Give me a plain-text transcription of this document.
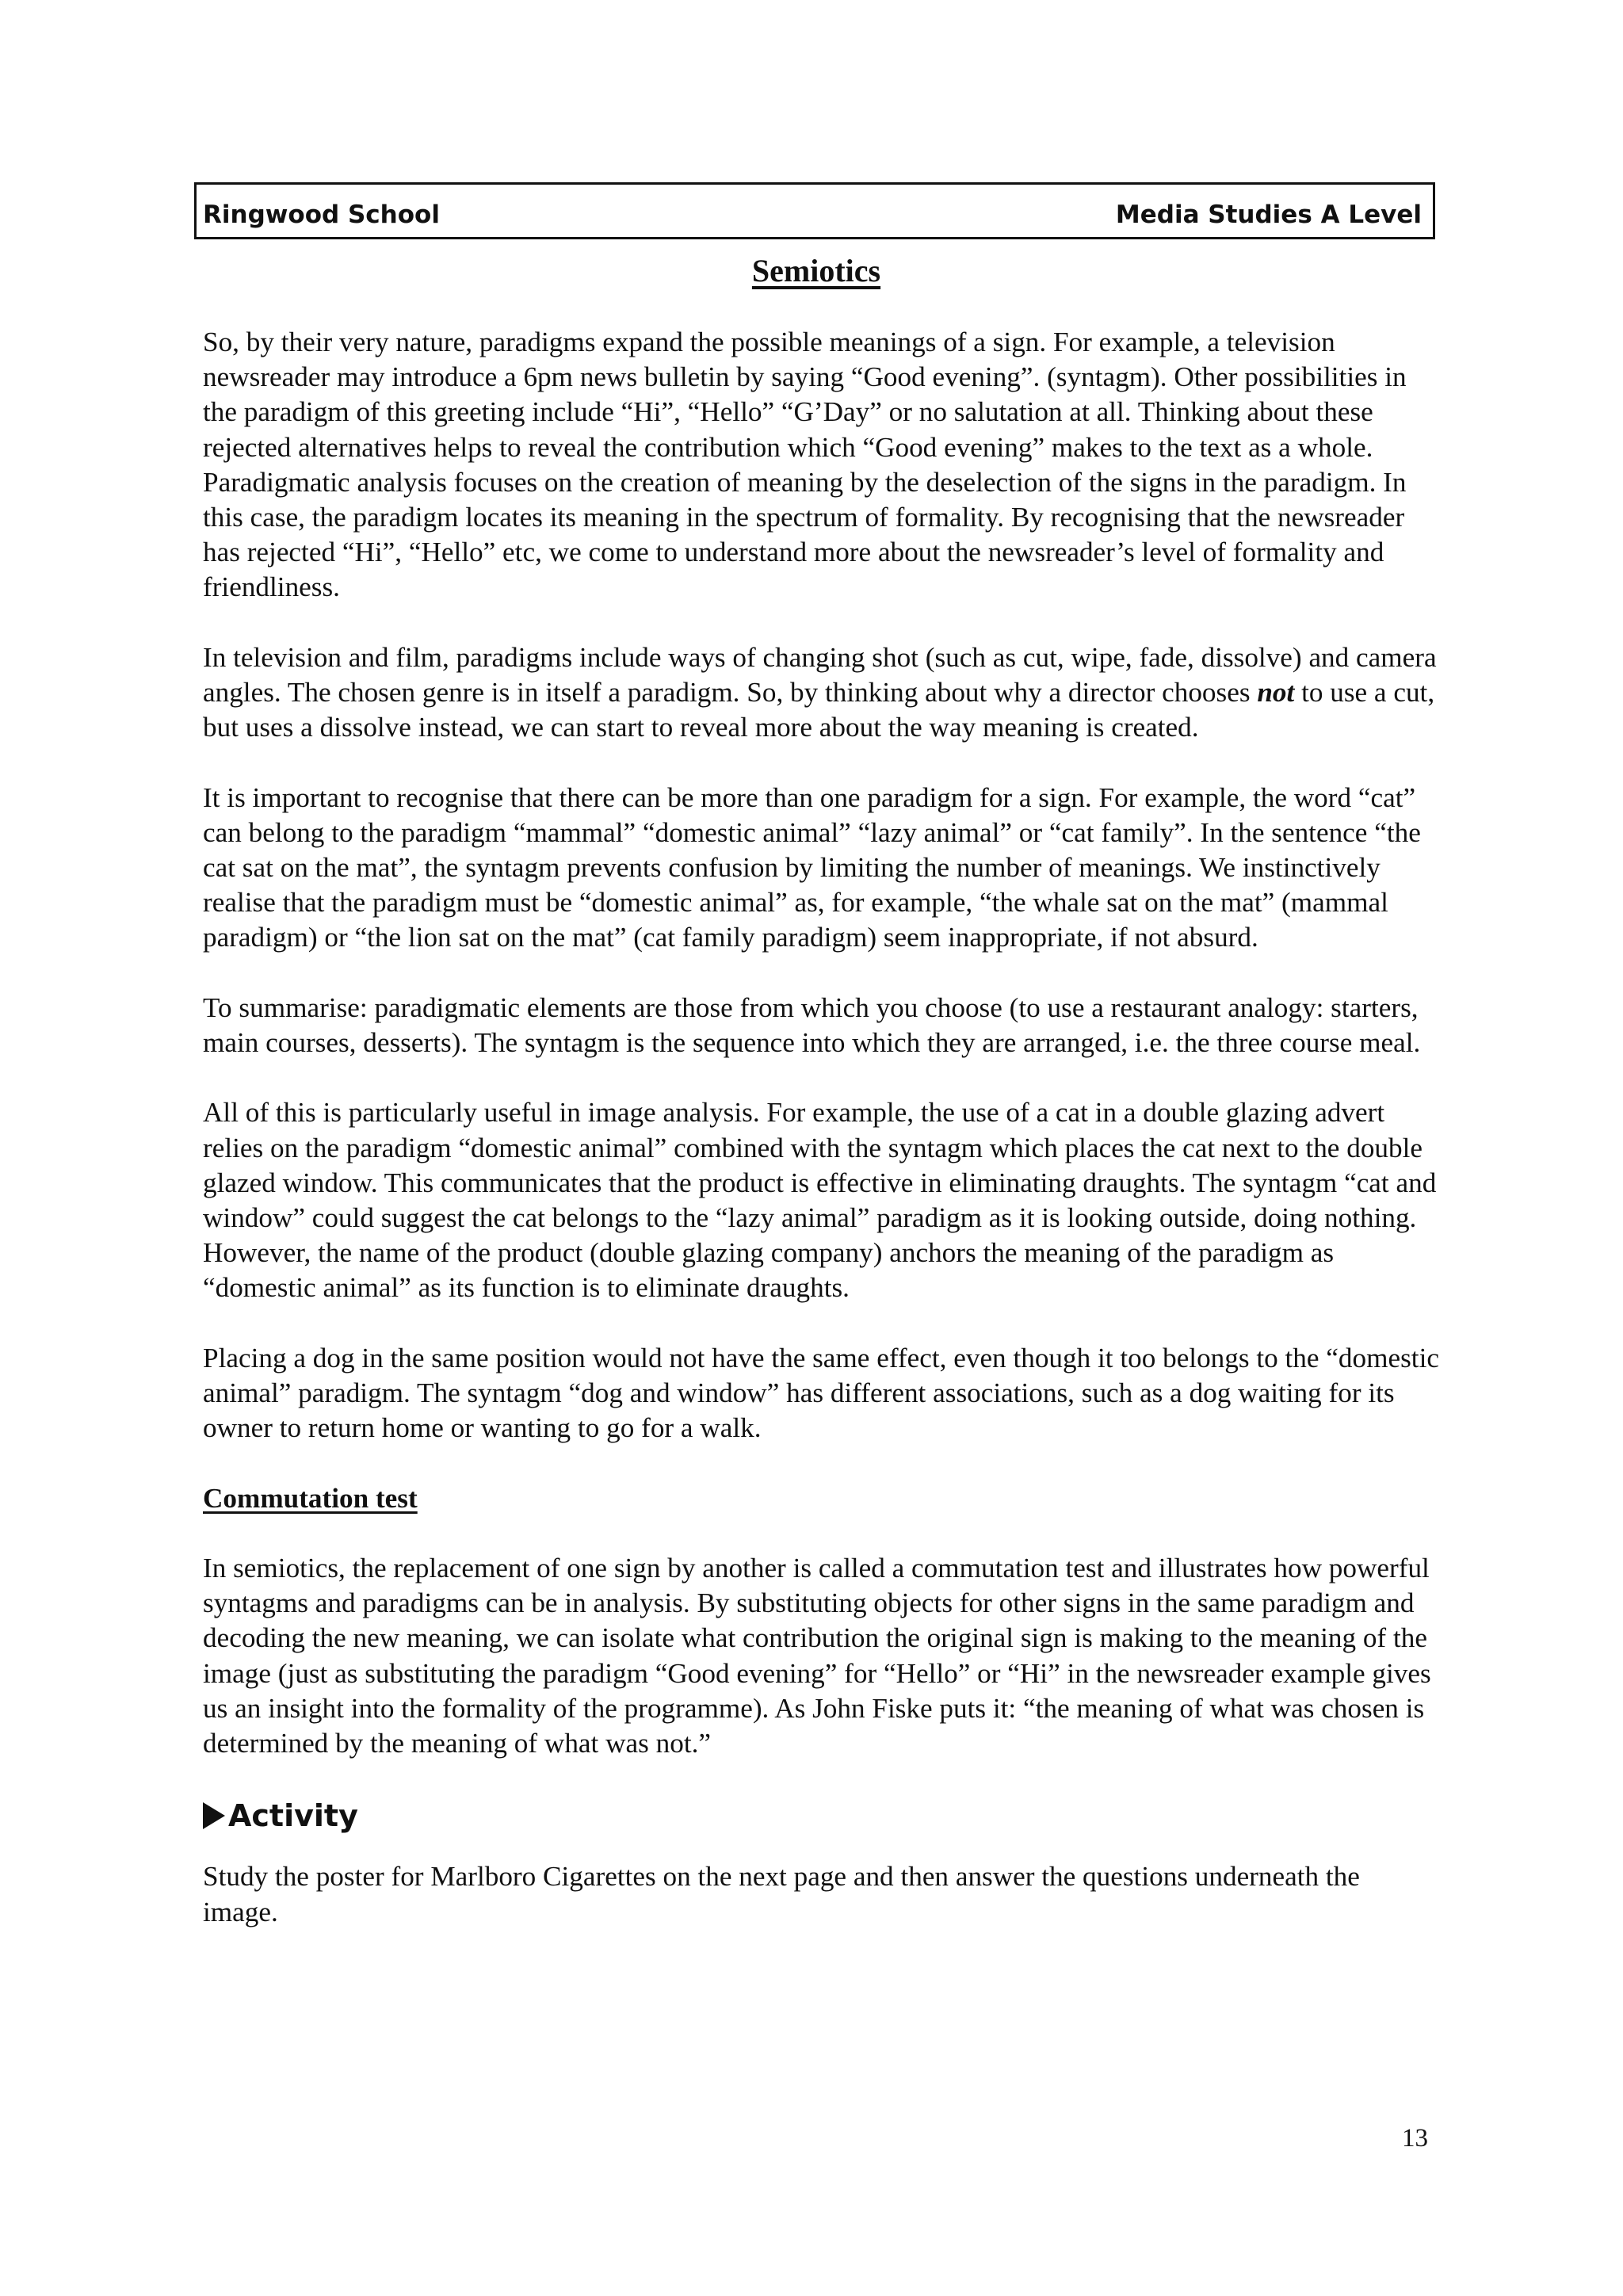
Ringwood School	Media Studies A Level
Semiotics

So, by their very nature, paradigms expand the possible meanings of a sign. For example, a television newsreader may introduce a 6pm news bulletin by saying “Good evening”. (syntagm). Other possibilities in the paradigm of this greeting include “Hi”, “Hello” “G’Day” or no salutation at all. Thinking about these rejected alternatives helps to reveal the contribution which “Good evening” makes to the text as a whole. Paradigmatic analysis focuses on the creation of meaning by the deselection of the signs in the paradigm. In this case, the paradigm locates its meaning in the spectrum of formality. By recognising that the newsreader has rejected “Hi”, “Hello” etc, we come to understand more about the newsreader’s level of formality and friendliness.

In television and film, paradigms include ways of changing shot (such as cut, wipe, fade, dissolve) and camera angles. The chosen genre is in itself a paradigm. So, by thinking about why a director chooses not to use a cut, but uses a dissolve instead, we can start to reveal more about the way meaning is created.

It is important to recognise that there can be more than one paradigm for a sign. For example, the word “cat” can belong to the paradigm “mammal” “domestic animal” “lazy animal” or “cat family”. In the sentence “the cat sat on the mat”, the syntagm prevents confusion by limiting the number of meanings. We instinctively realise that the paradigm must be “domestic animal” as, for example, “the whale sat on the mat” (mammal paradigm) or “the lion sat on the mat” (cat family paradigm) seem inappropriate, if not absurd.

To summarise: paradigmatic elements are those from which you choose (to use a restaurant analogy: starters, main courses, desserts). The syntagm is the sequence into which they are arranged, i.e. the three course meal.

All of this is particularly useful in image analysis. For example, the use of a cat in a double glazing advert relies on the paradigm “domestic animal” combined with the syntagm which places the cat next to the double glazed window. This communicates that the product is effective in eliminating draughts. The syntagm “cat and window” could suggest the cat belongs to the “lazy animal” paradigm as it is looking outside, doing nothing. However, the name of the product (double glazing company) anchors the meaning of the paradigm as “domestic animal” as its function is to eliminate draughts.

Placing a dog in the same position would not have the same effect, even though it too belongs to the “domestic animal” paradigm. The syntagm “dog and window” has different associations, such as a dog waiting for its owner to return home or wanting to go for a walk.

Commutation test

In semiotics, the replacement of one sign by another is called a commutation test and illustrates how powerful syntagms and paradigms can be in analysis. By substituting objects for other signs in the same paradigm and decoding the new meaning, we can isolate what contribution the original sign is making to the meaning of the image (just as substituting the paradigm “Good evening” for “Hello” or “Hi” in the newsreader example gives us an insight into the formality of the programme). As John Fiske puts it: “the meaning of what was chosen is determined by the meaning of what was not.”

Activity

Study the poster for Marlboro Cigarettes on the next page and then answer the questions underneath the image.

13
